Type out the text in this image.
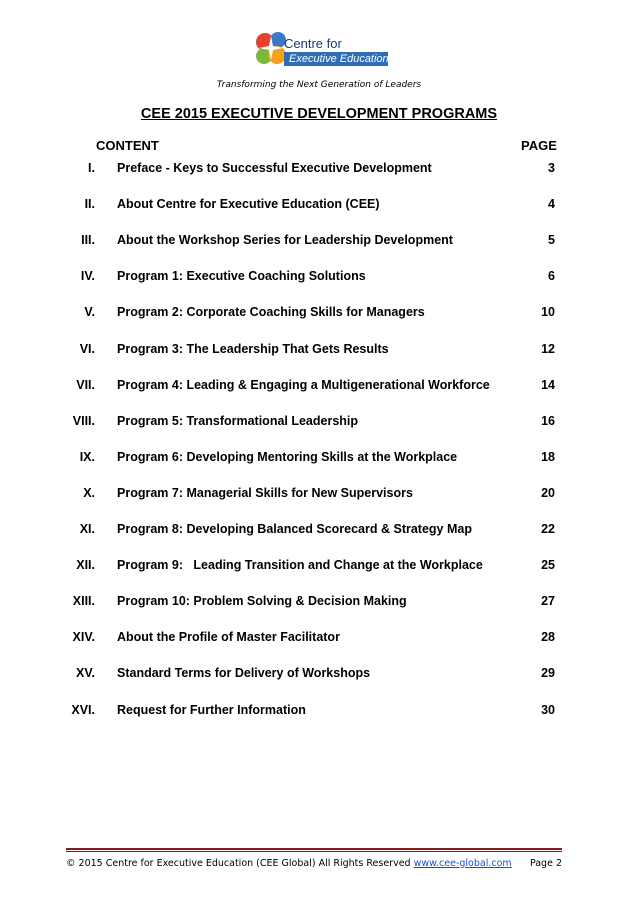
Centre for
Executive Education
Transforming the Next Generation of Leaders
CEE 2015 EXECUTIVE DEVELOPMENT PROGRAMS
CONTENT	PAGE
I. Preface - Keys to Successful Executive Development	3
II. About Centre for Executive Education (CEE)	4
III. About the Workshop Series for Leadership Development	5
IV. Program 1: Executive Coaching Solutions	6
V. Program 2: Corporate Coaching Skills for Managers	10
VI. Program 3: The Leadership That Gets Results	12
VII. Program 4: Leading & Engaging a Multigenerational Workforce	14
VIII. Program 5: Transformational Leadership	16
IX. Program 6: Developing Mentoring Skills at the Workplace	18
X. Program 7: Managerial Skills for New Supervisors	20
XI. Program 8: Developing Balanced Scorecard & Strategy Map	22
XII. Program 9:   Leading Transition and Change at the Workplace	25
XIII. Program 10: Problem Solving & Decision Making	27
XIV. About the Profile of Master Facilitator	28
XV. Standard Terms for Delivery of Workshops	29
XVI. Request for Further Information	30
© 2015 Centre for Executive Education (CEE Global) All Rights Reserved www.cee-global.com Page 2
